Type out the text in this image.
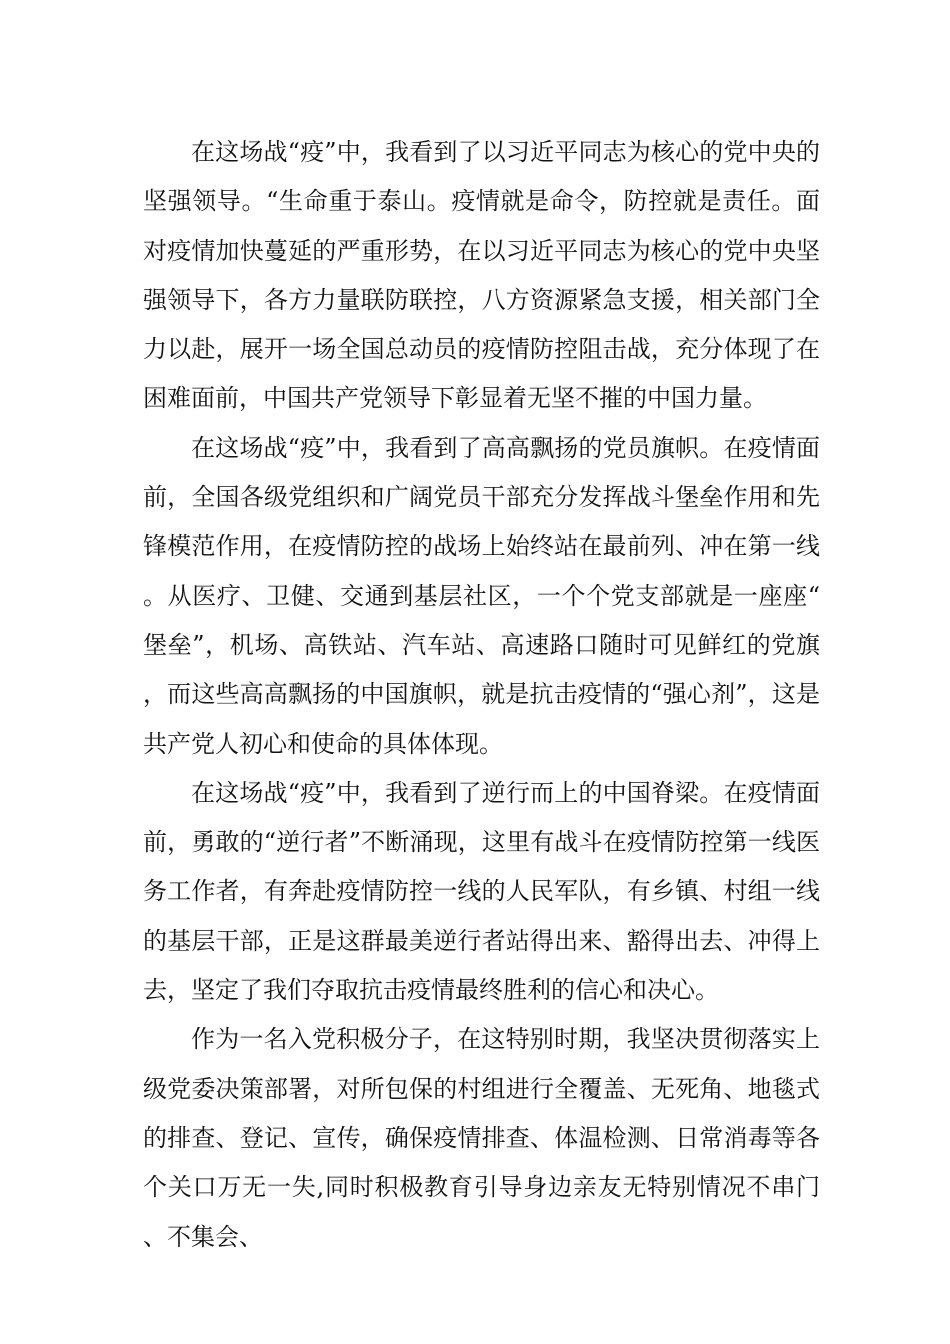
在这场战“疫”中，我看到了以习近平同志为核心的党中央的坚强领导。“生命重于泰山。疫情就是命令，防控就是责任。面对疫情加快蔓延的严重形势，在以习近平同志为核心的党中央坚强领导下，各方力量联防联控，八方资源紧急支援，相关部门全力以赴，展开一场全国总动员的疫情防控阻击战，充分体现了在困难面前，中国共产党领导下彰显着无坚不摧的中国力量。

在这场战“疫”中，我看到了高高飘扬的党员旗帜。在疫情面前，全国各级党组织和广阔党员干部充分发挥战斗堡垒作用和先锋模范作用，在疫情防控的战场上始终站在最前列、冲在第一线。从医疗、卫健、交通到基层社区，一个个党支部就是一座座“堡垒”，机场、高铁站、汽车站、高速路口随时可见鲜红的党旗，而这些高高飘扬的中国旗帜，就是抗击疫情的“强心剂”，这是共产党人初心和使命的具体体现。

在这场战“疫”中，我看到了逆行而上的中国脊梁。在疫情面前，勇敢的“逆行者”不断涌现，这里有战斗在疫情防控第一线医务工作者，有奔赴疫情防控一线的人民军队，有乡镇、村组一线的基层干部，正是这群最美逆行者站得出来、豁得出去、冲得上去，坚定了我们夺取抗击疫情最终胜利的信心和决心。

作为一名入党积极分子，在这特别时期，我坚决贯彻落实上级党委决策部署，对所包保的村组进行全覆盖、无死角、地毯式的排查、登记、宣传，确保疫情排查、体温检测、日常消毒等各个关口万无一失,同时积极教育引导身边亲友无特别情况不串门、不集会、
